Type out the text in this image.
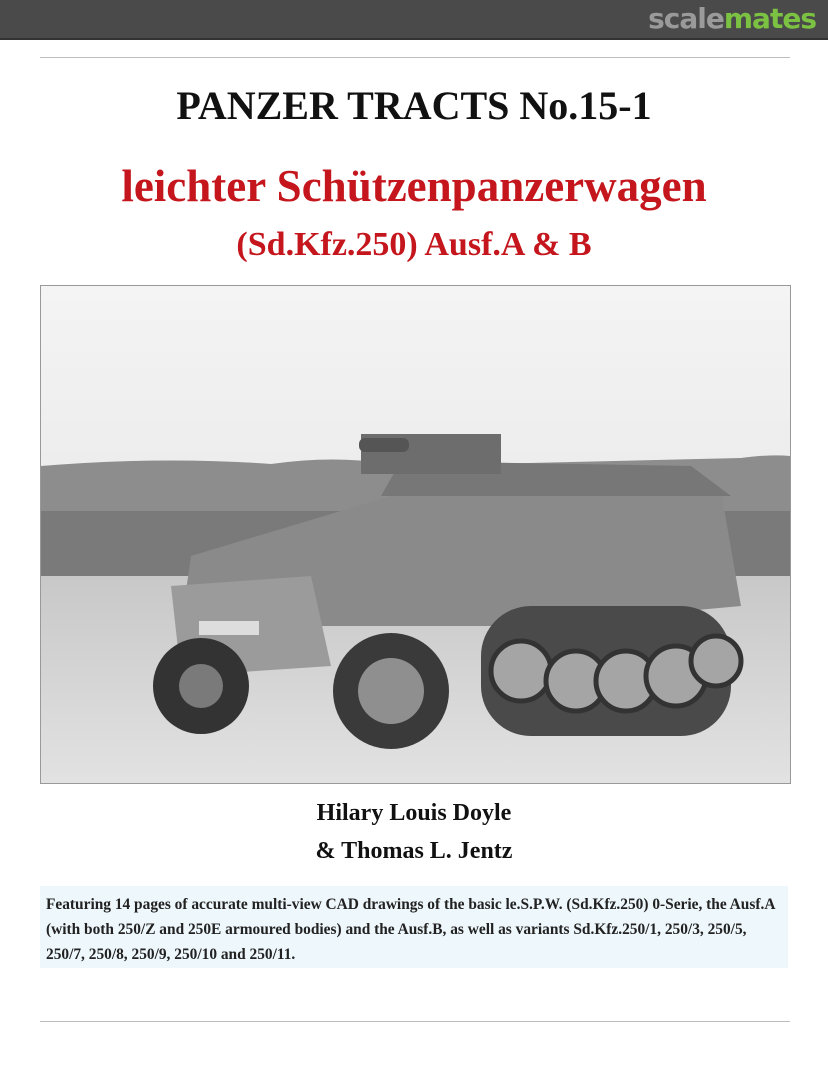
scalemates
PANZER TRACTS No.15-1
leichter Schützenpanzerwagen
(Sd.Kfz.250) Ausf.A & B
Hilary Louis Doyle
& Thomas L. Jentz
Featuring 14 pages of accurate multi-view CAD drawings of the basic le.S.P.W. (Sd.Kfz.250) 0-Serie, the Ausf.A (with both 250/Z and 250E armoured bodies) and the Ausf.B, as well as variants Sd.Kfz.250/1, 250/3, 250/5, 250/7, 250/8, 250/9, 250/10 and 250/11.
